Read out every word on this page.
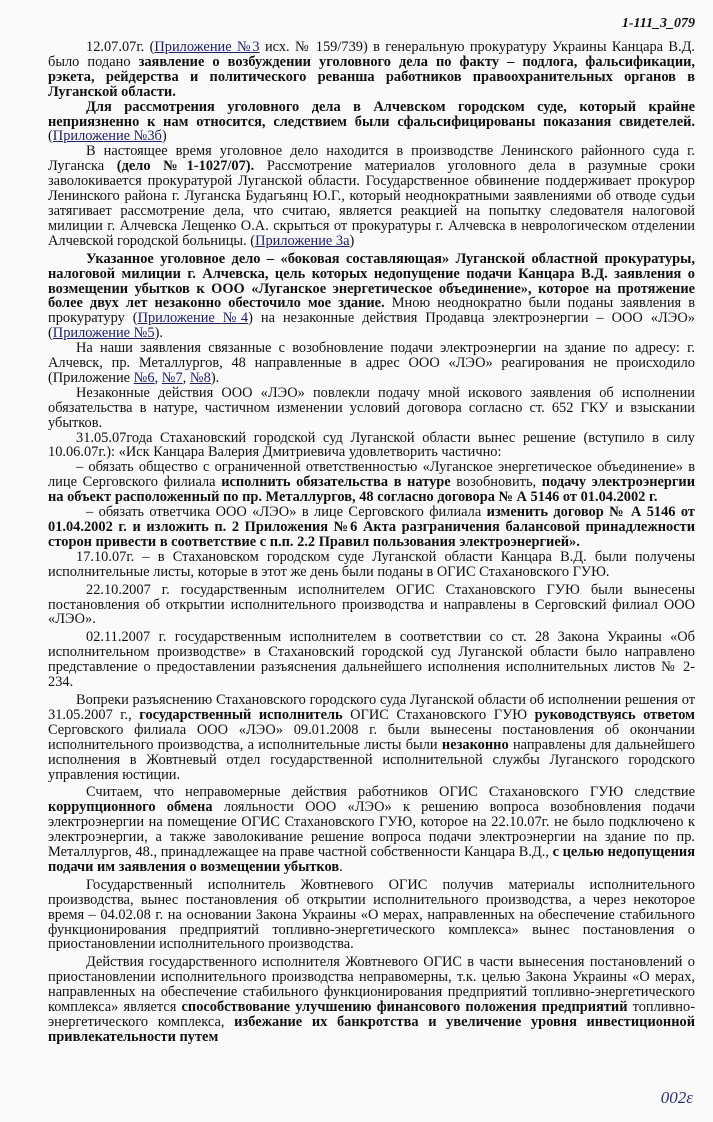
1-111_3_079

12.07.07г. (Приложение №3 исх. № 159/739) в генеральную прокуратуру Украины Канцара В.Д. было подано заявление о возбуждении уголовного дела по факту – подлога, фальсификации, рэкета, рейдерства и политического реванша работников правоохранительных органов в Луганской области.

Для рассмотрения уголовного дела в Алчевском городском суде, который крайне неприязненно к нам относится, следствием были сфальсифицированы показания свидетелей. (Приложение №3б)

В настоящее время уголовное дело находится в производстве Ленинского районного суда г. Луганска (дело №1-1027/07). Рассмотрение материалов уголовного дела в разумные сроки заволокивается прокуратурой Луганской области. Государственное обвинение поддерживает прокурор Ленинского района г. Луганска Будагьянц Ю.Г., который неоднократными заявлениями об отводе судьи затягивает рассмотрение дела, что считаю, является реакцией на попытку следователя налоговой милиции г. Алчевска Лещенко О.А. скрыться от прокуратуры г. Алчевска в неврологическом отделении Алчевской городской больницы. (Приложение 3а)

Указанное уголовное дело – «боковая составляющая» Луганской областной прокуратуры, налоговой милиции г. Алчевска, цель которых недопущение подачи Канцара В.Д. заявления о возмещении убытков к ООО «Луганское энергетическое объединение», которое на протяжение более двух лет незаконно обесточило мое здание. Мною неоднократно были поданы заявления в прокуратуру (Приложение №4) на незаконные действия Продавца электроэнергии – ООО «ЛЭО» (Приложение №5).

На наши заявления связанные с возобновление подачи электроэнергии на здание по адресу: г. Алчевск, пр. Металлургов, 48 направленные в адрес ООО «ЛЭО» реагирования не происходило (Приложение №6, №7, №8).

Незаконные действия ООО «ЛЭО» повлекли подачу мной искового заявления об исполнении обязательства в натуре, частичном изменении условий договора согласно ст. 652 ГКУ и взыскании убытков.

31.05.07года Стахановский городской суд Луганской области вынес решение (вступило в силу 10.06.07г.): «Иск Канцара Валерия Дмитриевича удовлетворить частично:

– обязать общество с ограниченной ответственностью «Луганское энергетическое объединение» в лице Серговского филиала исполнить обязательства в натуре возобновить, подачу электроэнергии на объект расположенный по пр. Металлургов, 48 согласно договора № А 5146 от 01.04.2002 г.

– обязать ответчика ООО «ЛЭО» в лице Серговского филиала изменить договор № А 5146 от 01.04.2002 г. и изложить п. 2 Приложения №6 Акта разграничения балансовой принадлежности сторон привести в соответствие с п.п. 2.2 Правил пользования электроэнергией».

17.10.07г. – в Стахановском городском суде Луганской области Канцара В.Д. были получены исполнительные листы, которые в этот же день были поданы в ОГИС Стахановского ГУЮ.

22.10.2007 г. государственным исполнителем ОГИС Стахановского ГУЮ были вынесены постановления об открытии исполнительного производства и направлены в Серговский филиал ООО «ЛЭО».

02.11.2007 г. государственным исполнителем в соответствии со ст. 28 Закона Украины «Об исполнительном производстве» в Стахановский городской суд Луганской области было направлено представление о предоставлении разъяснения дальнейшего исполнения исполнительных листов № 2-234.

Вопреки разъяснению Стахановского городского суда Луганской области об исполнении решения от 31.05.2007 г., государственный исполнитель ОГИС Стахановского ГУЮ руководствуясь ответом Серговского филиала ООО «ЛЭО» 09.01.2008 г. были вынесены постановления об окончании исполнительного производства, а исполнительные листы были незаконно направлены для дальнейшего исполнения в Жовтневый отдел государственной исполнительной службы Луганского городского управления юстиции.

Считаем, что неправомерные действия работников ОГИС Стахановского ГУЮ следствие коррупционного обмена лояльности ООО «ЛЭО» к решению вопроса возобновления подачи электроэнергии на помещение ОГИС Стахановского ГУЮ, которое на 22.10.07г. не было подключено к электроэнергии, а также заволокивание решение вопроса подачи электроэнергии на здание по пр. Металлургов, 48., принадлежащее на праве частной собственности Канцара В.Д., с целью недопущения подачи им заявления о возмещении убытков.

Государственный исполнитель Жовтневого ОГИС получив материалы исполнительного производства, вынес постановления об открытии исполнительного производства, а через некоторое время – 04.02.08 г. на основании Закона Украины «О мерах, направленных на обеспечение стабильного функционирования предприятий топливно-энергетического комплекса» вынес постановления о приостановлении исполнительного производства.

Действия государственного исполнителя Жовтневого ОГИС в части вынесения постановлений о приостановлении исполнительного производства неправомерны, т.к. целью Закона Украины «О мерах, направленных на обеспечение стабильного функционирования предприятий топливно-энергетического комплекса» является способствование улучшению финансового положения предприятий топливно-энергетического комплекса, избежание их банкротства и увеличение уровня инвестиционной привлекательности путем

002ε
